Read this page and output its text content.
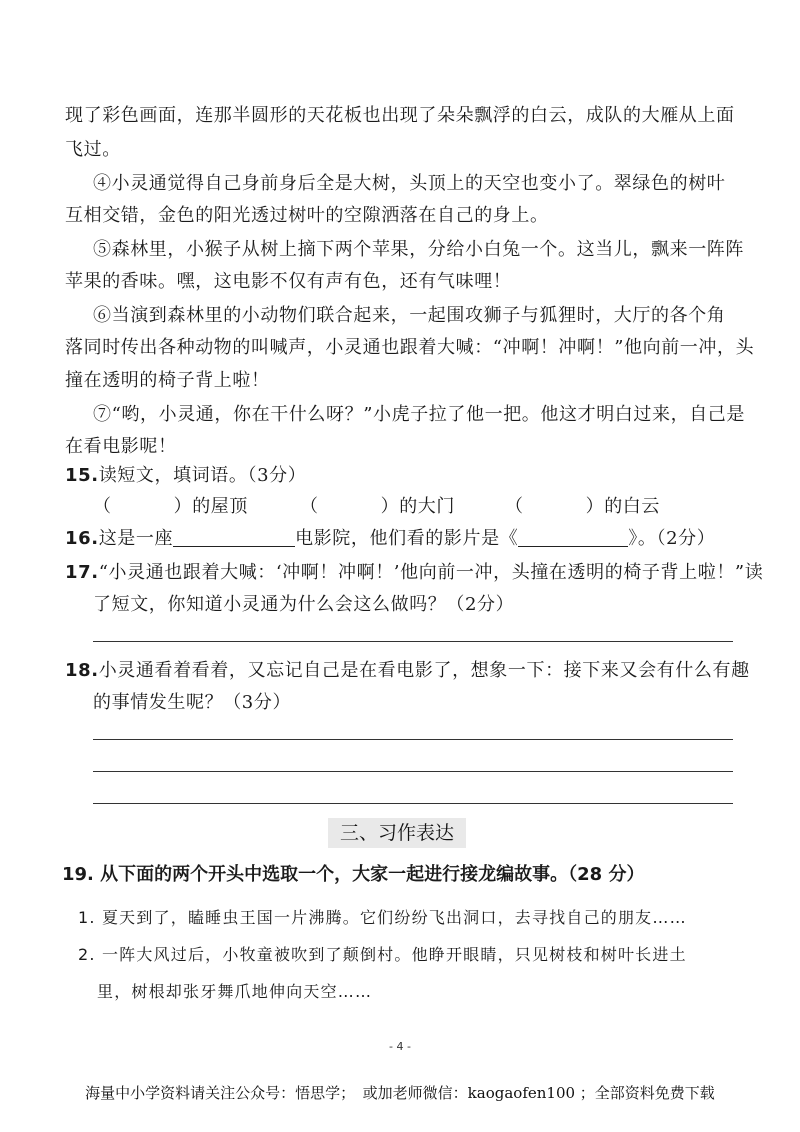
现了彩色画面，连那半圆形的天花板也出现了朵朵飘浮的白云，成队的大雁从上面
飞过。
④小灵通觉得自己身前身后全是大树，头顶上的天空也变小了。翠绿色的树叶
互相交错，金色的阳光透过树叶的空隙洒落在自己的身上。
⑤森林里，小猴子从树上摘下两个苹果，分给小白兔一个。这当儿，飘来一阵阵
苹果的香味。嘿，这电影不仅有声有色，还有气味哩！
⑥当演到森林里的小动物们联合起来，一起围攻狮子与狐狸时，大厅的各个角
落同时传出各种动物的叫喊声，小灵通也跟着大喊：“冲啊！冲啊！”他向前一冲，头
撞在透明的椅子背上啦！
⑦“哟，小灵通，你在干什么呀？”小虎子拉了他一把。他这才明白过来，自己是
在看电影呢！
15.读短文，填词语。（3分）
（	）的屋顶	（	）的大门	（	）的白云
16.这是一座	电影院，他们看的影片是《	》。（2分）
17.“小灵通也跟着大喊：‘冲啊！冲啊！’他向前一冲，头撞在透明的椅子背上啦！”读
了短文，你知道小灵通为什么会这么做吗？（2分）
18.小灵通看着看着，又忘记自己是在看电影了，想象一下：接下来又会有什么有趣
的事情发生呢？（3分）
三、习作表达
19. 从下面的两个开头中选取一个，大家一起进行接龙编故事。（28 分）
1. 夏天到了，瞌睡虫王国一片沸腾。它们纷纷飞出洞口，去寻找自己的朋友……
2. 一阵大风过后，小牧童被吹到了颠倒村。他睁开眼睛，只见树枝和树叶长进土
里，树根却张牙舞爪地伸向天空……
- 4 -
海量中小学资料请关注公众号：悟思学；　或加老师微信：kaogaofen100 ；全部资料免费下载
